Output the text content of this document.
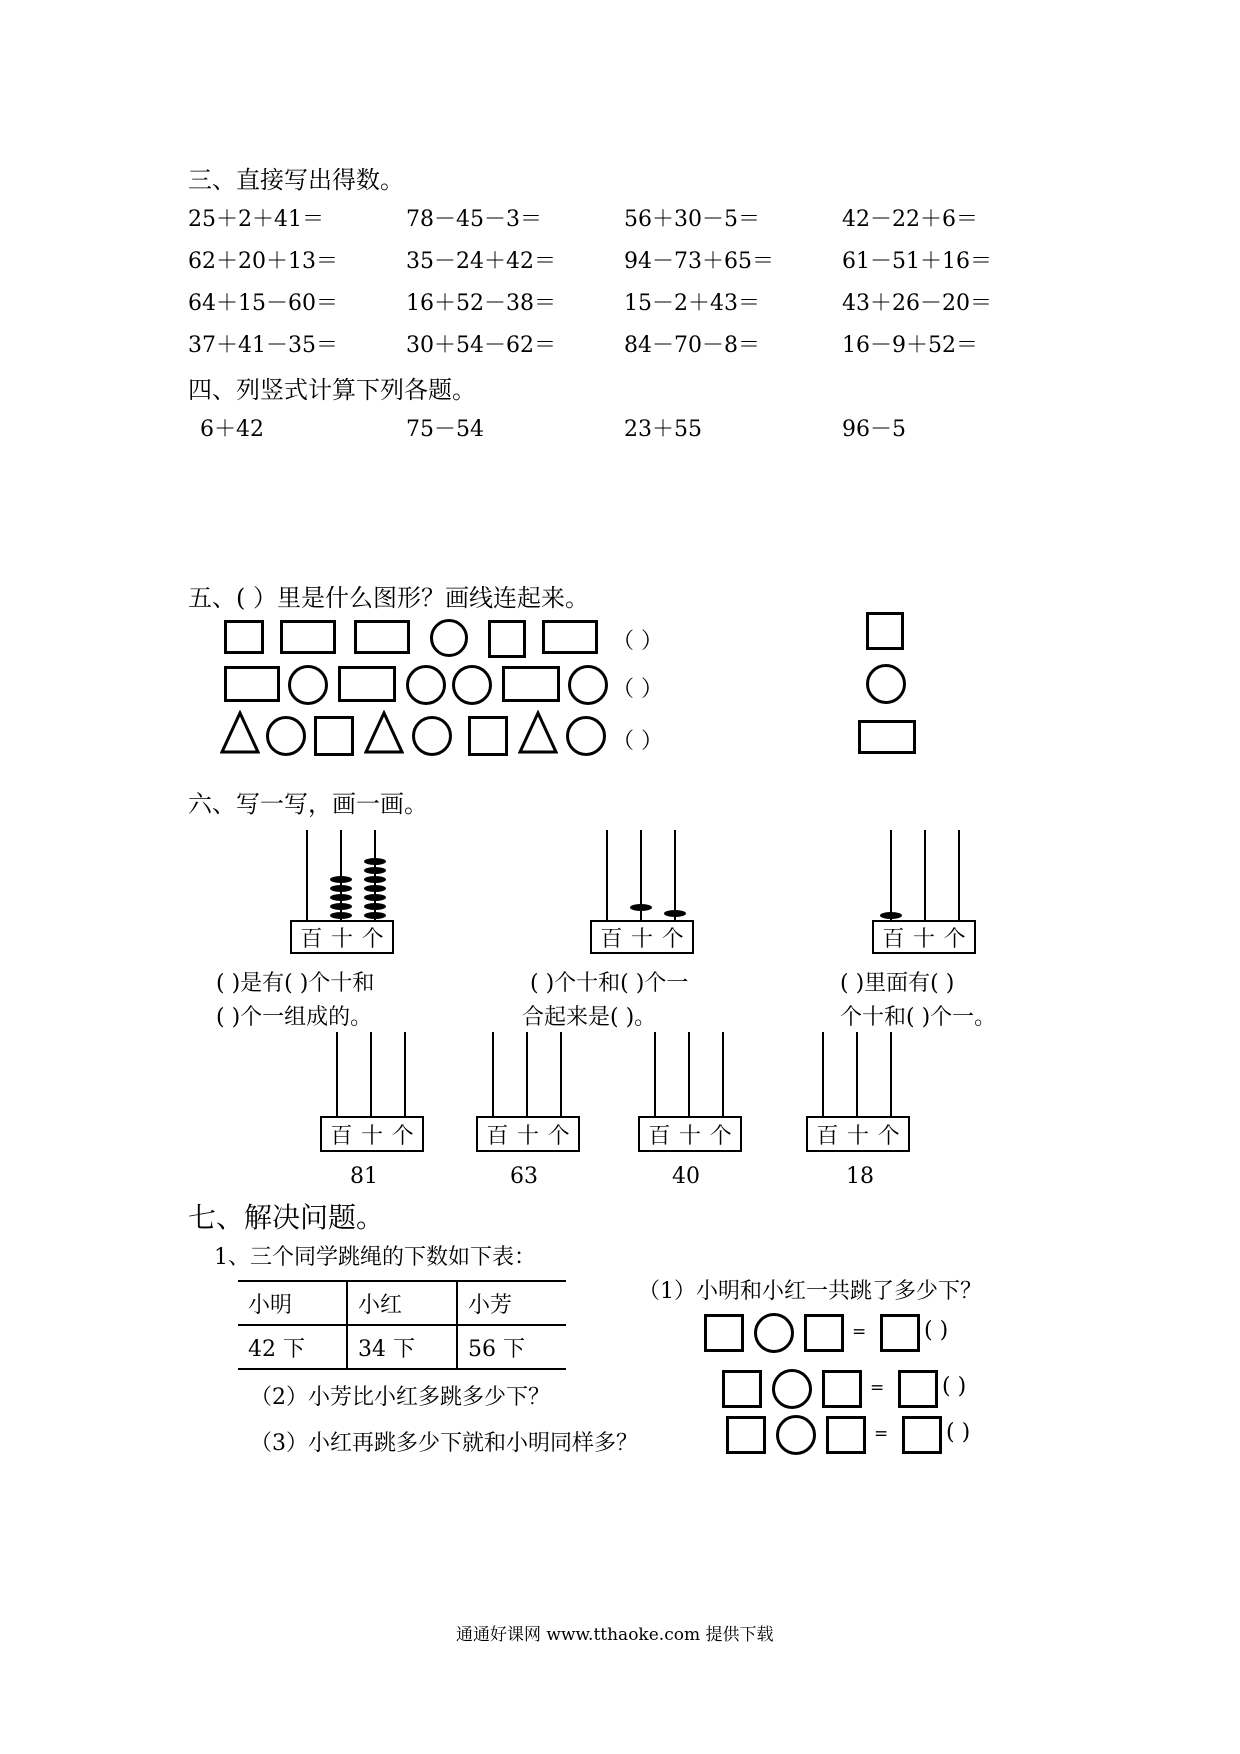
三、直接写出得数。
25＋2＋41＝	78－45－3＝	56＋30－5＝	42－22＋6＝
62＋20＋13＝	35－24＋42＝	94－73＋65＝	61－51＋16＝
64＋15－60＝	16＋52－38＝	15－2＋43＝	43＋26－20＝
37＋41－35＝	30＋54－62＝	84－70－8＝	16－9＋52＝
四、列竖式计算下列各题。
6＋42	75－54	23＋55	96－5
五、( ）里是什么图形？画线连起来。
（ ）
（ ）
（ ）
六、写一写，画一画。
百 十 个	百 十 个	百 十 个
( )是有( )个十和
( )个一组成的。
( )个十和( )个一
合起来是( )。
( )里面有( )
个十和( )个一。
百 十 个
81
百 十 个
63
百 十 个
40
百 十 个
18
七、解决问题。
1、三个同学跳绳的下数如下表：
小明	小红	小芳
42 下	34 下	56 下
（1）小明和小红一共跳了多少下？
（2）小芳比小红多跳多少下？
（3）小红再跳多少下就和小明同样多？
=	( )
=	( )
=	( )
通通好课网 www.tthaoke.com 提供下载
